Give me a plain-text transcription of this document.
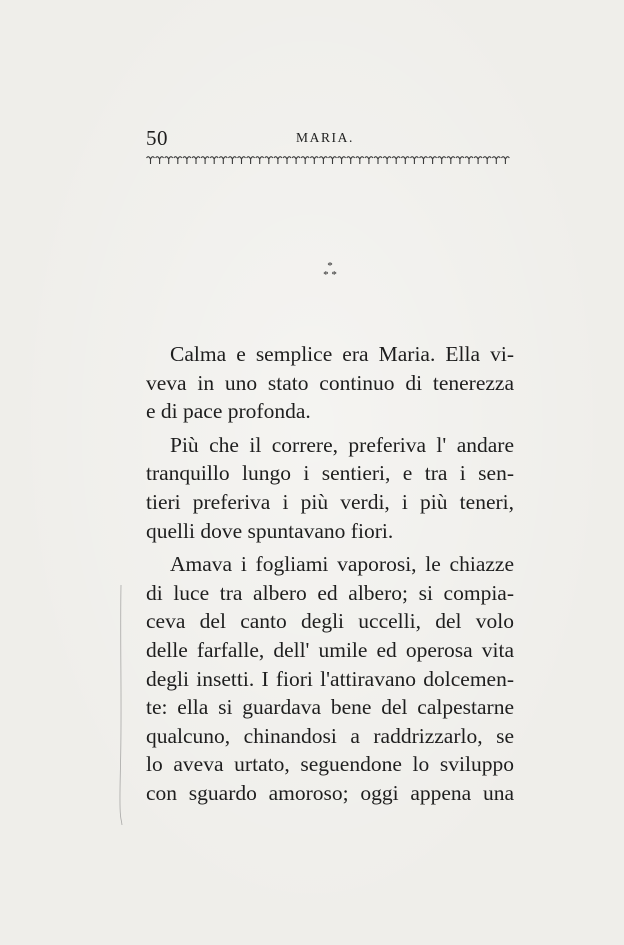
50	MARIA.
*
* *
Calma e semplice era Maria. Ella vi-
veva in uno stato continuo di tenerezza
e di pace profonda.
Più che il correre, preferiva l' andare
tranquillo lungo i sentieri, e tra i sen-
tieri preferiva i più verdi, i più teneri,
quelli dove spuntavano fiori.
Amava i fogliami vaporosi, le chiazze
di luce tra albero ed albero; si compia-
ceva del canto degli uccelli, del volo
delle farfalle, dell' umile ed operosa vita
degli insetti. I fiori l'attiravano dolcemen-
te: ella si guardava bene del calpestarne
qualcuno, chinandosi a raddrizzarlo, se
lo aveva urtato, seguendone lo sviluppo
con sguardo amoroso; oggi appena una
